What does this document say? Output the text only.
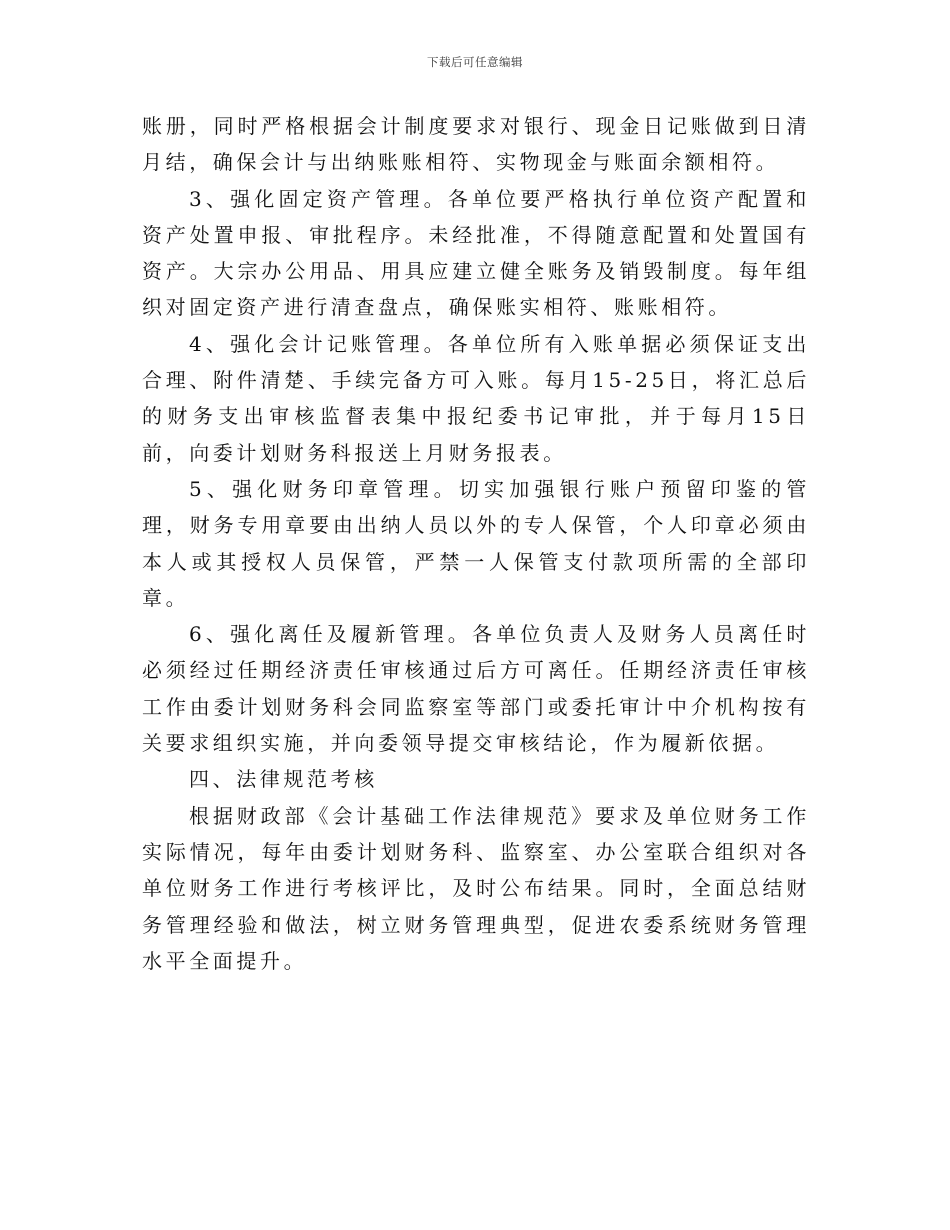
下载后可任意编辑

账册，同时严格根据会计制度要求对银行、现金日记账做到日清月结，确保会计与出纳账账相符、实物现金与账面余额相符。

3、强化固定资产管理。各单位要严格执行单位资产配置和资产处置申报、审批程序。未经批准，不得随意配置和处置国有资产。大宗办公用品、用具应建立健全账务及销毁制度。每年组织对固定资产进行清查盘点，确保账实相符、账账相符。

4、强化会计记账管理。各单位所有入账单据必须保证支出合理、附件清楚、手续完备方可入账。每月15-25日，将汇总后的财务支出审核监督表集中报纪委书记审批，并于每月15日前，向委计划财务科报送上月财务报表。

5、强化财务印章管理。切实加强银行账户预留印鉴的管理，财务专用章要由出纳人员以外的专人保管，个人印章必须由本人或其授权人员保管，严禁一人保管支付款项所需的全部印章。

6、强化离任及履新管理。各单位负责人及财务人员离任时必须经过任期经济责任审核通过后方可离任。任期经济责任审核工作由委计划财务科会同监察室等部门或委托审计中介机构按有关要求组织实施，并向委领导提交审核结论，作为履新依据。

四、法律规范考核

根据财政部《会计基础工作法律规范》要求及单位财务工作实际情况，每年由委计划财务科、监察室、办公室联合组织对各单位财务工作进行考核评比，及时公布结果。同时，全面总结财务管理经验和做法，树立财务管理典型，促进农委系统财务管理水平全面提升。
